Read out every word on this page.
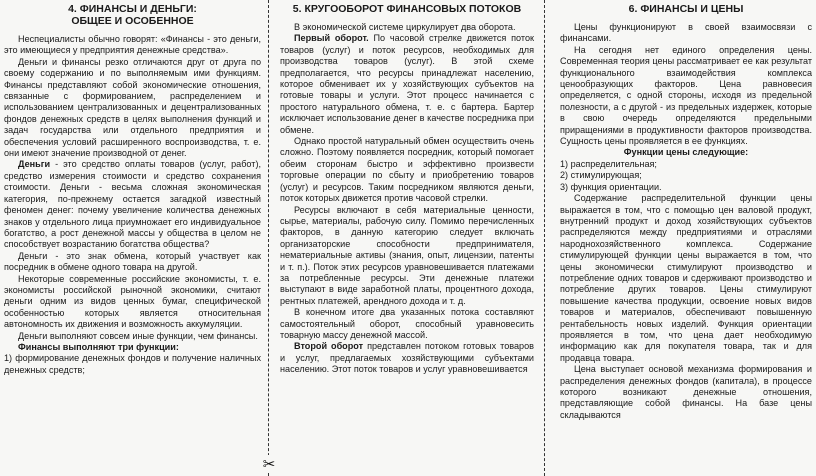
4. ФИНАНСЫ И ДЕНЬГИ:
ОБЩЕЕ И ОСОБЕННОЕ

Неспециалисты обычно говорят: «Финансы - это деньги, это имеющиеся у предприятия денежные средства».

Деньги и финансы резко отличаются друг от друга по своему содержанию и по выполняемым ими функциям. Финансы представляют собой экономические отношения, связанные с формированием, распределением и использованием централизованных и децентрализованных фондов денежных средств в целях выполнения функций и задач государства или отдельного предприятия и обеспечения условий расширенного воспроизводства, т. е. они имеют значение производной от денег.

Деньги - это средство оплаты товаров (услуг, работ), средство измерения стоимости и средство сохранения стоимости. Деньги - весьма сложная экономическая категория, по-прежнему остается загадкой известный феномен денег: почему увеличение количества денежных знаков у отдельного лица приумножает его индивидуальное богатство, а рост денежной массы у общества в целом не способствует возрастанию богатства общества?

Деньги - это знак обмена, который участвует как посредник в обмене одного товара на другой.

Некоторые современные российские экономисты, т. е. экономисты российской рыночной экономики, считают деньги одним из видов ценных бумаг, специфической особенностью которых является относительная автономность их движения и возможность аккумуляции.

Деньги выполняют совсем иные функции, чем финансы.

Финансы выполняют три функции:

1) формирование денежных фондов и получение наличных денежных средств;

5. КРУГООБОРОТ ФИНАНСОВЫХ ПОТОКОВ

В экономической системе циркулирует два оборота.

Первый оборот. По часовой стрелке движется поток товаров (услуг) и поток ресурсов, необходимых для производства товаров (услуг). В этой схеме предполагается, что ресурсы принадлежат населению, которое обменивает их у хозяйствующих субъектов на готовые товары и услуги. Этот процесс начинается с простого натурального обмена, т. е. с бартера. Бартер исключает использование денег в качестве посредника при обмене.

Однако простой натуральный обмен осуществить очень сложно. Поэтому появляется посредник, который помогает обеим сторонам быстро и эффективно произвести торговые операции по сбыту и приобретению товаров (услуг) и ресурсов. Таким посредником являются деньги, поток которых движется против часовой стрелки.

Ресурсы включают в себя материальные ценности, сырье, материалы, рабочую силу. Помимо перечисленных факторов, в данную категорию следует включать организаторские способности предпринимателя, нематериальные активы (знания, опыт, лицензии, патенты и т. п.). Поток этих ресурсов уравновешивается платежами за потребленные ресурсы. Эти денежные платежи выступают в виде заработной платы, процентного дохода, рентных платежей, арендного дохода и т. д.

В конечном итоге два указанных потока составляют самостоятельный оборот, способный уравновесить товарную массу денежной массой.

Второй оборот представлен потоком готовых товаров и услуг, предлагаемых хозяйствующими субъектами населению. Этот поток товаров и услуг уравновешивается

6. ФИНАНСЫ И ЦЕНЫ

Цены функционируют в своей взаимосвязи с финансами.

На сегодня нет единого определения цены. Современная теория цены рассматривает ее как результат функционального взаимодействия комплекса ценообразующих факторов. Цена равновесия определяется, с одной стороны, исходя из предельной полезности, а с другой - из предельных издержек, которые в свою очередь определяются предельными приращениями в продуктивности факторов производства. Сущность цены проявляется в ее функциях.

Функции цены следующие:

1) распределительная;

2) стимулирующая;

3) функция ориентации.

Содержание распределительной функции цены выражается в том, что с помощью цен валовой продукт, внутренний продукт и доход хозяйствующих субъектов распределяются между предприятиями и отраслями народнохозяйственного комплекса. Содержание стимулирующей функции цены выражается в том, что цены экономически стимулируют производство и потребление одних товаров и сдерживают производство и потребление других товаров. Цены стимулируют повышение качества продукции, освоение новых видов товаров и материалов, обеспечивают повышенную рентабельность новых изделий. Функция ориентации проявляется в том, что цена дает необходимую информацию как для покупателя товара, так и для продавца товара.

Цена выступает основой механизма формирования и распределения денежных фондов (капитала), в процессе которого возникают денежные отношения, представляющие собой финансы. На базе цены складываются

✂
